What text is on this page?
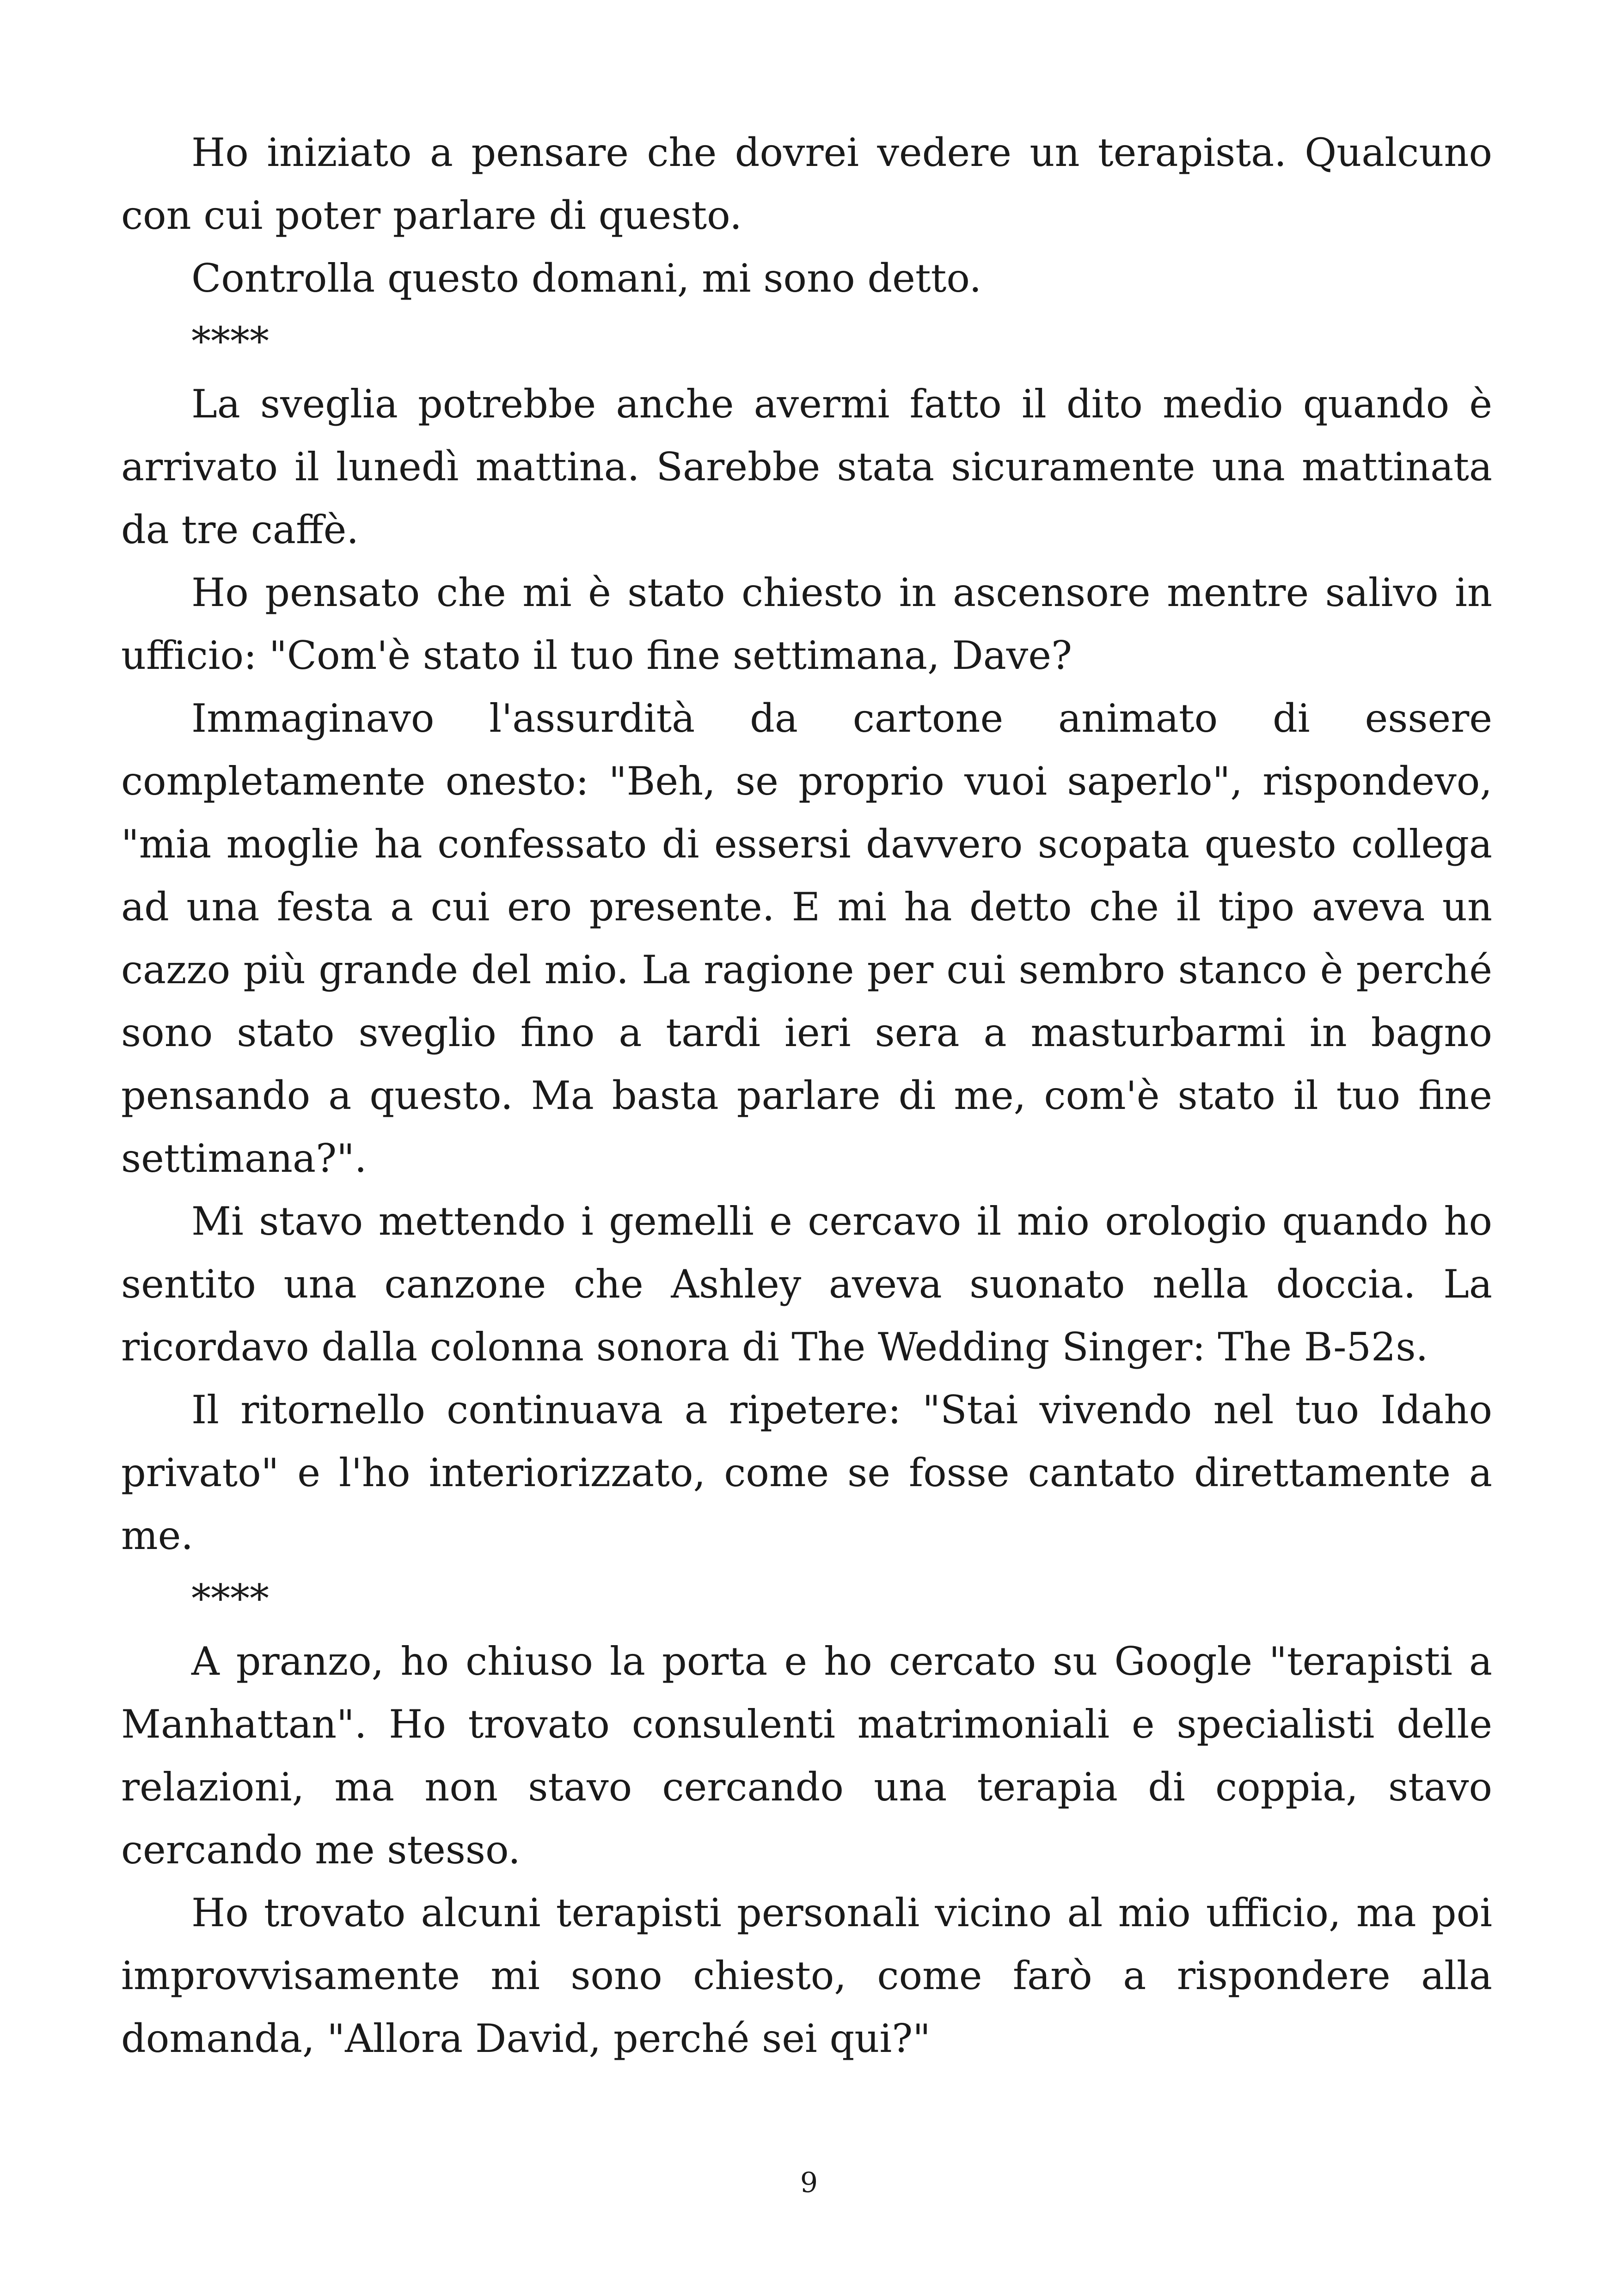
Ho iniziato a pensare che dovrei vedere un terapista. Qualcuno con cui poter parlare di questo.

Controlla questo domani, mi sono detto.

****

La sveglia potrebbe anche avermi fatto il dito medio quando è arrivato il lunedì mattina. Sarebbe stata sicuramente una mattinata da tre caffè.

Ho pensato che mi è stato chiesto in ascensore mentre salivo in ufficio: "Com'è stato il tuo fine settimana, Dave?

Immaginavo l'assurdità da cartone animato di essere completamente onesto: "Beh, se proprio vuoi saperlo", rispondevo, "mia moglie ha confessato di essersi davvero scopata questo collega ad una festa a cui ero presente. E mi ha detto che il tipo aveva un cazzo più grande del mio. La ragione per cui sembro stanco è perché sono stato sveglio fino a tardi ieri sera a masturbarmi in bagno pensando a questo. Ma basta parlare di me, com'è stato il tuo fine settimana?".

Mi stavo mettendo i gemelli e cercavo il mio orologio quando ho sentito una canzone che Ashley aveva suonato nella doccia. La ricordavo dalla colonna sonora di The Wedding Singer: The B-52s.

Il ritornello continuava a ripetere: "Stai vivendo nel tuo Idaho privato" e l'ho interiorizzato, come se fosse cantato direttamente a me.

****

A pranzo, ho chiuso la porta e ho cercato su Google "terapisti a Manhattan". Ho trovato consulenti matrimoniali e specialisti delle relazioni, ma non stavo cercando una terapia di coppia, stavo cercando me stesso.

Ho trovato alcuni terapisti personali vicino al mio ufficio, ma poi improvvisamente mi sono chiesto, come farò a rispondere alla domanda, "Allora David, perché sei qui?"

9
